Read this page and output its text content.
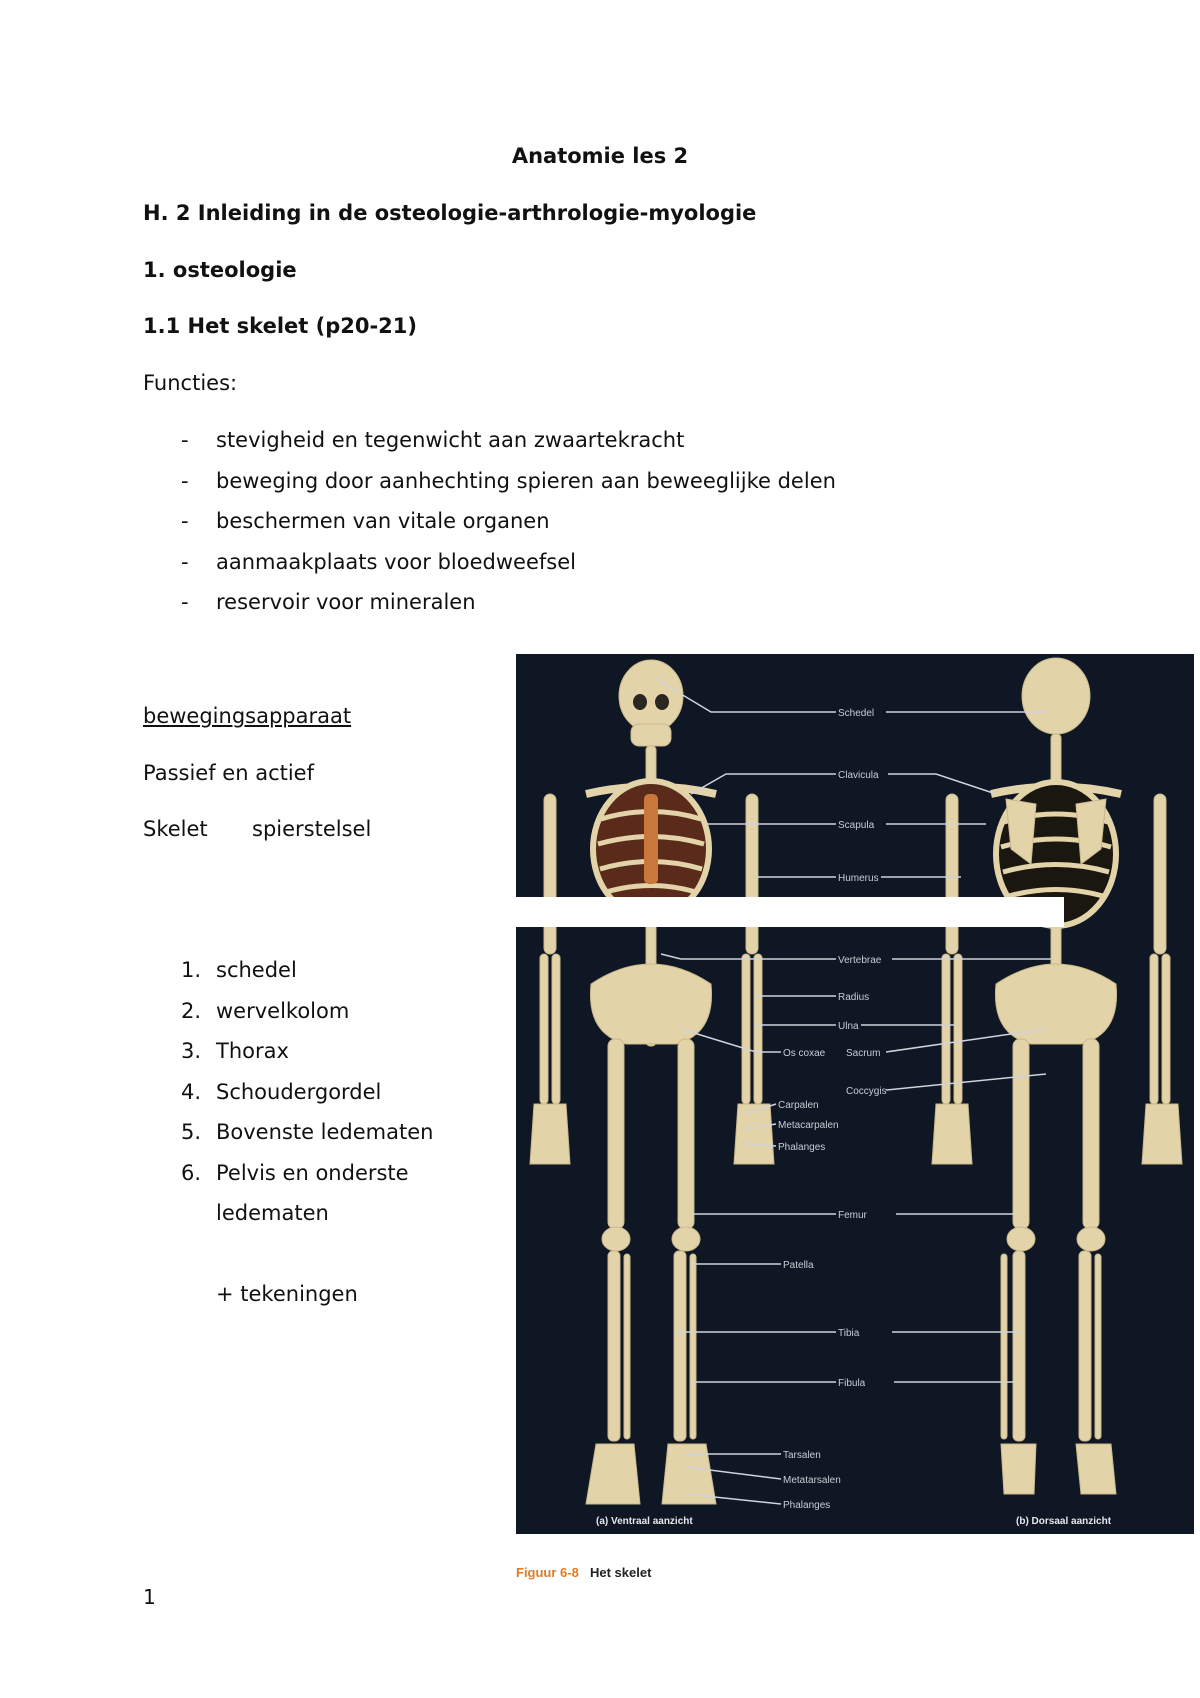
Anatomie les 2

H. 2 Inleiding in de osteologie-arthrologie-myologie

1. osteologie

1.1 Het skelet (p20-21)

Functies:

- stevigheid en tegenwicht aan zwaartekracht

- beweging door aanhechting spieren aan beweeglijke delen

- beschermen van vitale organen

- aanmaakplaats voor bloedweefsel

- reservoir voor mineralen

bewegingsapparaat

Passief en actief

Skelet spierstelsel

1. schedel

2. wervelkolom

3. Thorax

4. Schoudergordel

5. Bovenste ledematen

6. Pelvis en onderste

ledematen

+ tekeningen

Schedel
Clavicula
Scapula
Humerus
Vertebrae
Radius
Ulna
Os coxae Sacrum
Coccygis
Carpalen
Metacarpalen
Phalanges
Femur
Patella
Tibia
Fibula
Tarsalen
Metatarsalen
Phalanges
(a) Ventraal aanzicht	(b) Dorsaal aanzicht

Figuur 6-8 Het skelet

1
